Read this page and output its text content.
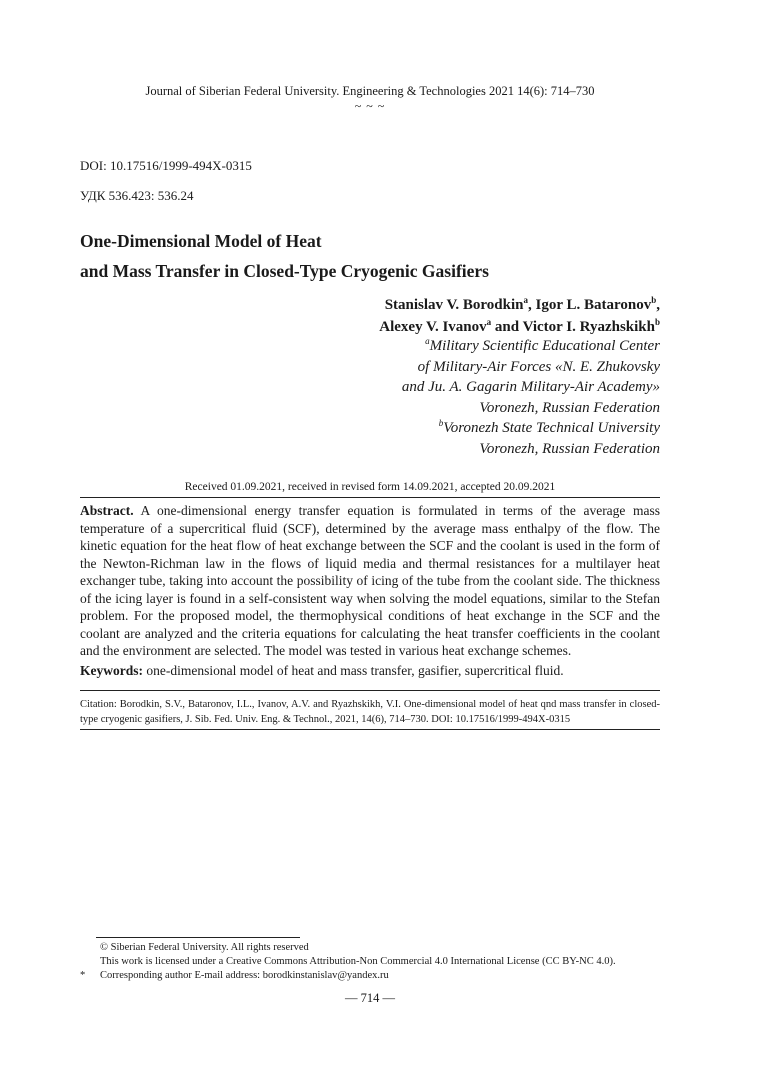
Journal of Siberian Federal University. Engineering & Technologies 2021 14(6): 714–730
~ ~ ~
DOI: 10.17516/1999-494X-0315
УДК 536.423: 536.24
One-Dimensional Model of Heat
and Mass Transfer in Closed-Type Cryogenic Gasifiers
Stanislav V. Borodkin$^a$, Igor L. Bataronov$^b$,
Alexey V. Ivanov$^a$ and Victor I. Ryazhskikh$^b$
$^a$Military Scientific Educational Center
of Military-Air Forces «N. E. Zhukovsky
and Ju. A. Gagarin Military-Air Academy»
Voronezh, Russian Federation
$^b$Voronezh State Technical University
Voronezh, Russian Federation
Received 01.09.2021, received in revised form 14.09.2021, accepted 20.09.2021
Abstract. A one-dimensional energy transfer equation is formulated in terms of the average mass temperature of a supercritical fluid (SCF), determined by the average mass enthalpy of the flow. The kinetic equation for the heat flow of heat exchange between the SCF and the coolant is used in the form of the Newton-Richman law in the flows of liquid media and thermal resistances for a multilayer heat exchanger tube, taking into account the possibility of icing of the tube from the coolant side. The thickness of the icing layer is found in a self-consistent way when solving the model equations, similar to the Stefan problem. For the proposed model, the thermophysical conditions of heat exchange in the SCF and the coolant are analyzed and the criteria equations for calculating the heat transfer coefficients in the coolant and the environment are selected. The model was tested in various heat exchange schemes.
Keywords: one-dimensional model of heat and mass transfer, gasifier, supercritical fluid.
Citation: Borodkin, S.V., Bataronov, I.L., Ivanov, A.V. and Ryazhskikh, V.I. One-dimensional model of heat qnd mass transfer in closed-type cryogenic gasifiers, J. Sib. Fed. Univ. Eng. & Technol., 2021, 14(6), 714–730. DOI: 10.17516/1999-494X-0315
© Siberian Federal University. All rights reserved
This work is licensed under a Creative Commons Attribution-Non Commercial 4.0 International License (CC BY-NC 4.0).
* Corresponding author E-mail address: borodkinstanislav@yandex.ru
— 714 —
